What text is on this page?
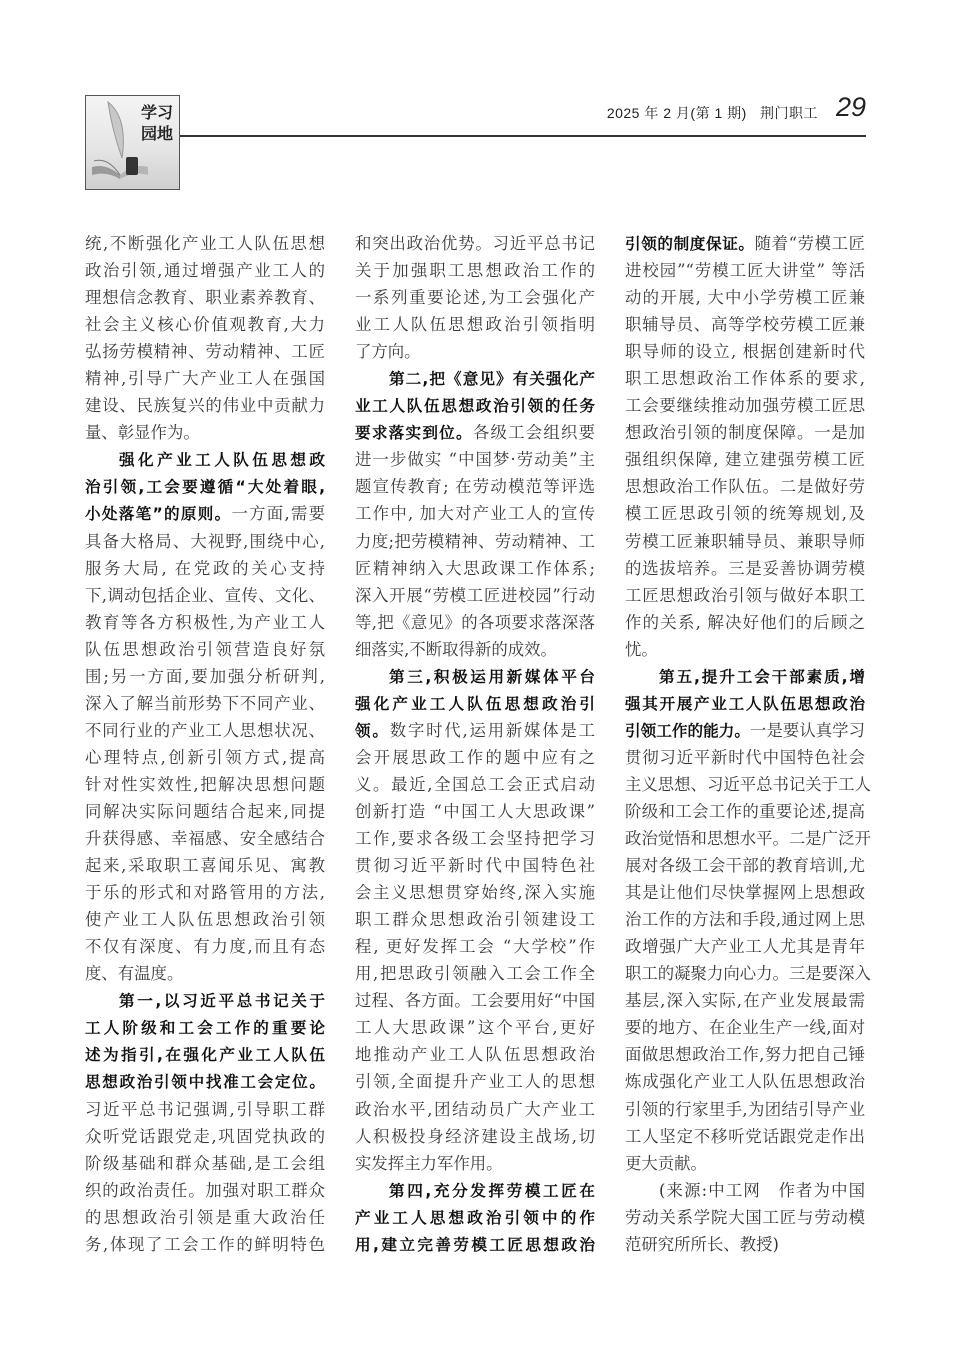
学习
园地
2025 年 2 月(第 1 期) 荆门职工 29
统,不断强化产业工人队伍思想
政治引领,通过增强产业工人的
理想信念教育、职业素养教育、
社会主义核心价值观教育,大力
弘扬劳模精神、劳动精神、工匠
精神,引导广大产业工人在强国
建设、民族复兴的伟业中贡献力
量、彰显作为。
强化产业工人队伍思想政
治引领,工会要遵循“大处着眼,
小处落笔”的原则。一方面,需要
具备大格局、大视野,围绕中心,
服务大局, 在党政的关心支持
下,调动包括企业、宣传、文化、
教育等各方积极性,为产业工人
队伍思想政治引领营造良好氛
围;另一方面,要加强分析研判,
深入了解当前形势下不同产业、
不同行业的产业工人思想状况、
心理特点,创新引领方式,提高
针对性实效性,把解决思想问题
同解决实际问题结合起来,同提
升获得感、幸福感、安全感结合
起来,采取职工喜闻乐见、寓教
于乐的形式和对路管用的方法,
使产业工人队伍思想政治引领
不仅有深度、有力度,而且有态
度、有温度。
第一,以习近平总书记关于
工人阶级和工会工作的重要论
述为指引,在强化产业工人队伍
思想政治引领中找准工会定位。
习近平总书记强调,引导职工群
众听党话跟党走,巩固党执政的
阶级基础和群众基础,是工会组
织的政治责任。加强对职工群众
的思想政治引领是重大政治任
务,体现了工会工作的鲜明特色
和突出政治优势。习近平总书记
关于加强职工思想政治工作的
一系列重要论述,为工会强化产
业工人队伍思想政治引领指明
了方向。
第二,把《意见》有关强化产
业工人队伍思想政治引领的任务
要求落实到位。各级工会组织要
进一步做实 “中国梦·劳动美”主
题宣传教育; 在劳动模范等评选
工作中, 加大对产业工人的宣传
力度;把劳模精神、劳动精神、工
匠精神纳入大思政课工作体系;
深入开展“劳模工匠进校园”行动
等,把《意见》的各项要求落深落
细落实,不断取得新的成效。
第三,积极运用新媒体平台
强化产业工人队伍思想政治引
领。数字时代,运用新媒体是工
会开展思政工作的题中应有之
义。最近,全国总工会正式启动
创新打造 “中国工人大思政课”
工作,要求各级工会坚持把学习
贯彻习近平新时代中国特色社
会主义思想贯穿始终,深入实施
职工群众思想政治引领建设工
程, 更好发挥工会 “大学校”作
用,把思政引领融入工会工作全
过程、各方面。工会要用好“中国
工人大思政课”这个平台,更好
地推动产业工人队伍思想政治
引领,全面提升产业工人的思想
政治水平,团结动员广大产业工
人积极投身经济建设主战场,切
实发挥主力军作用。
第四,充分发挥劳模工匠在
产业工人思想政治引领中的作
用,建立完善劳模工匠思想政治
引领的制度保证。随着“劳模工匠
进校园”“劳模工匠大讲堂” 等活
动的开展, 大中小学劳模工匠兼
职辅导员、高等学校劳模工匠兼
职导师的设立, 根据创建新时代
职工思想政治工作体系的要求,
工会要继续推动加强劳模工匠思
想政治引领的制度保障。一是加
强组织保障, 建立建强劳模工匠
思想政治工作队伍。二是做好劳
模工匠思政引领的统筹规划,及
劳模工匠兼职辅导员、兼职导师
的选拔培养。三是妥善协调劳模
工匠思想政治引领与做好本职工
作的关系, 解决好他们的后顾之
忧。
第五,提升工会干部素质,增
强其开展产业工人队伍思想政治
引领工作的能力。一是要认真学习
贯彻习近平新时代中国特色社会
主义思想、习近平总书记关于工人
阶级和工会工作的重要论述,提高
政治觉悟和思想水平。二是广泛开
展对各级工会干部的教育培训,尤
其是让他们尽快掌握网上思想政
治工作的方法和手段,通过网上思
政增强广大产业工人尤其是青年
职工的凝聚力向心力。三是要深入
基层,深入实际,在产业发展最需
要的地方、在企业生产一线,面对
面做思想政治工作,努力把自己锤
炼成强化产业工人队伍思想政治
引领的行家里手,为团结引导产业
工人坚定不移听党话跟党走作出
更大贡献。
(来源:中工网　作者为中国
劳动关系学院大国工匠与劳动模
范研究所所长、教授)
